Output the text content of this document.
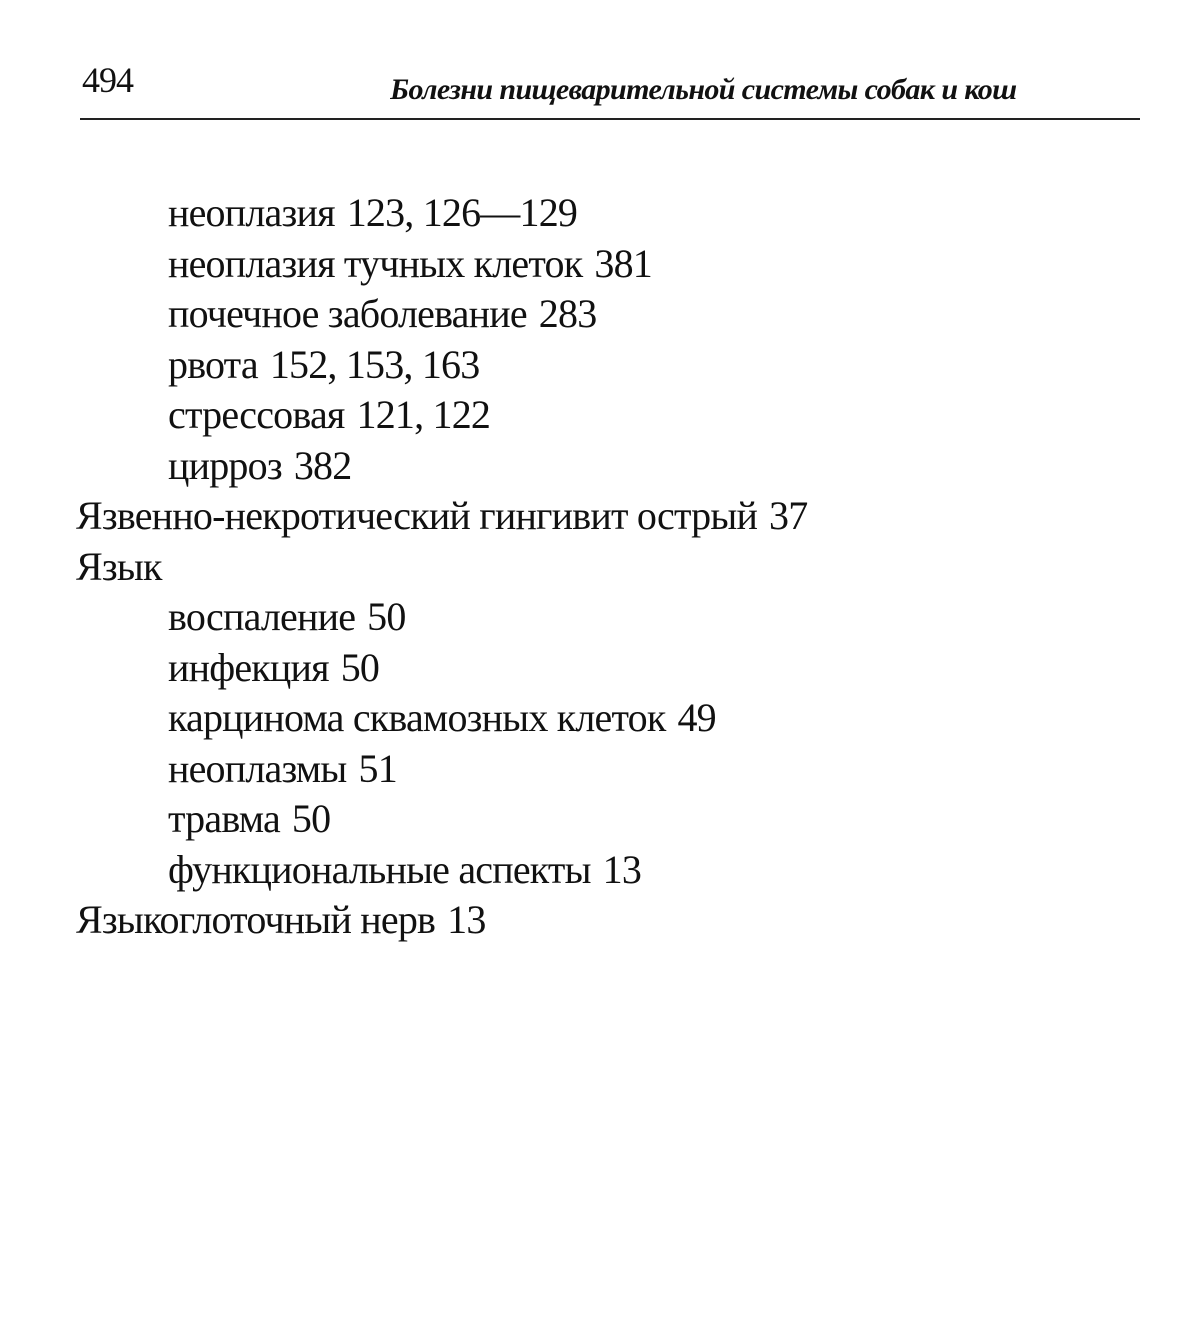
494	Болезни пищеварительной системы собак и кош
неоплазия 123, 126—129
неоплазия тучных клеток 381
почечное заболевание 283
рвота 152, 153, 163
стрессовая 121, 122
цирроз 382
Язвенно-некротический гингивит острый 37
Язык
воспаление 50
инфекция 50
карцинома сквамозных клеток 49
неоплазмы 51
травма 50
функциональные аспекты 13
Языкоглоточный нерв 13
